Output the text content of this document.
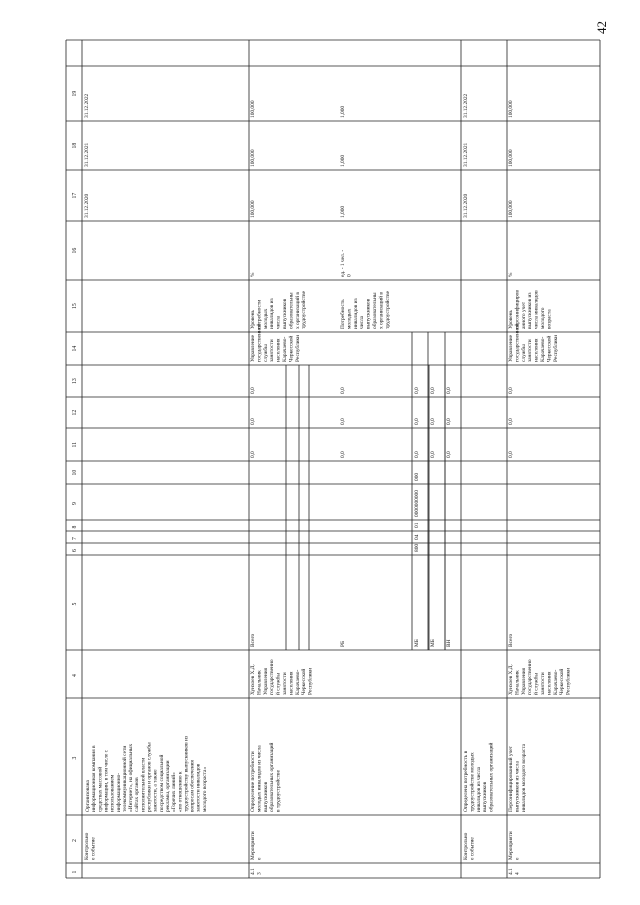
42
1
2
3
4
5
6
7
8
9
10
11
12
13
14
15
16
17
18
19
31.12.2020
31.12.2021
31.12.2022
Контрольно е событие
Организована информационная компания в средствах массовой информации, в том числе с использованием информационно- телекоммуникационной сети «Интернет», на официальных сайтах органов исполнительной власти республики и органов службы занятости, а также посредством социальной рекламы, организации «Горячих линий» «по отношению к трудоустройству выпускников из вопросам обеспечения занятости инвалидов молодого возраста»
4.1 3
Мероприяти е
Определение потребности молодых инвалидов из числа выпускников образовательных организаций в трудоустройстве
Хунхоев Х.Д. Начальник Управления государственно й службы занятости населения Карачаево- Черкесской Республики
Всего
0,0
0,0
0,0
Управление государственной службы занятости населения Карачаево- Черкесской Республики
Уровень потребности молодых инвалидов из числа выпускников образовательны х организаций в трудоустройстве
%
100,000
100,000
100,000
РБ
0,0
0,0
0,0
Потребность молодых инвалидов из числа выпускников образовательны х организаций в трудоустройстве
ед. - 1 чел. - 0
1,000
1,000
1,000
МБ
800
04
01
0000000000
000
0,0
0,0
0,0
МБ
0,0
0,0
0,0
ВН
0,0
0,0
0,0
Контрольно е событие
Определена потребность в трудоустройстве молодых инвалидов из числа выпускников образовательных организаций
31.12.2020
31.12.2021
31.12.2022
4.1 4
Мероприяти е
Персонифицированный учет выпускников из числа инвалидов молодого возраста
Хунхоев Х.Д. Начальник Управления государственно й службы занятости населения Карачаево- Черкесской Республики
Всего
0,0
0,0
0,0
Управление государственной службы занятости населения Карачаево- Черкесской Республики
Уровень персонифициров анного учет выпускников из числа инвалидов молодого возраста
%
100,000
100,000
100,000
